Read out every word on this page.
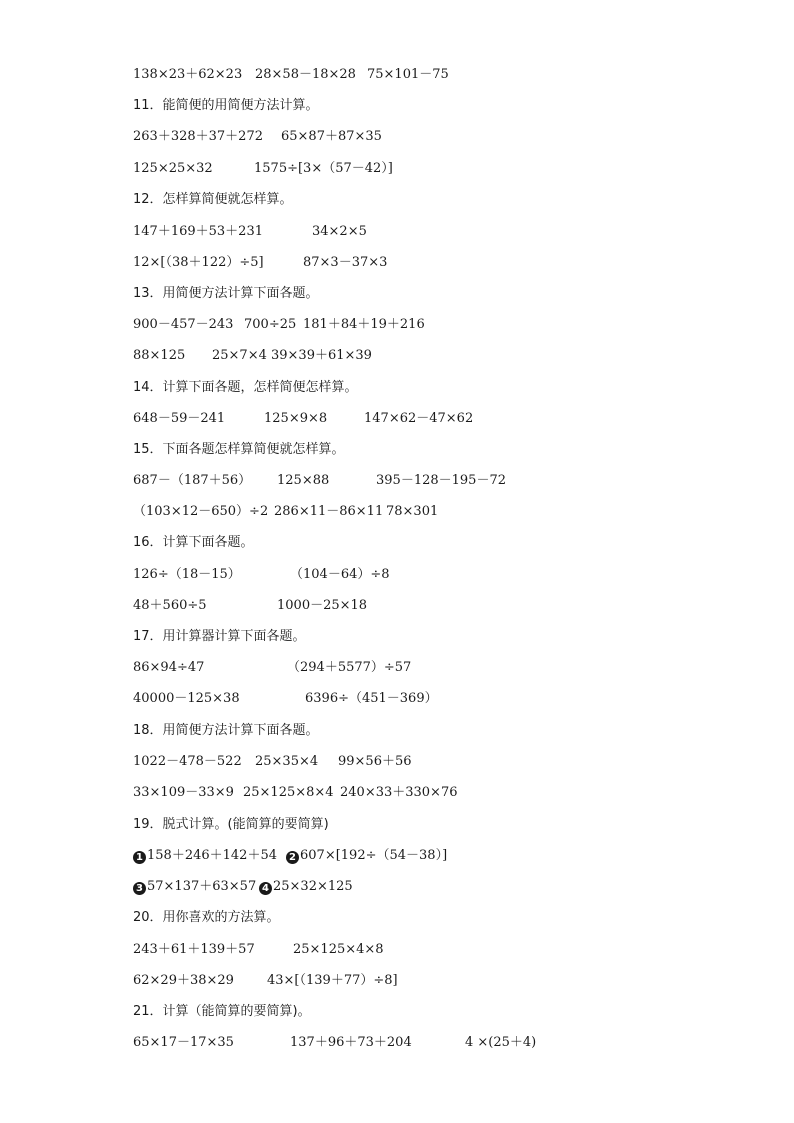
138×23＋62×23 28×58－18×28 75×101－75
11．能简便的用简便方法计算。
263＋328＋37＋272 65×87＋87×35
125×25×32	1575÷[3×（57－42）]
12．怎样算简便就怎样算。
147＋169＋53＋231	34×2×5
12×[（38＋122）÷5]	87×3－37×3
13．用简便方法计算下面各题。
900－457－243 700÷25 181＋84＋19＋216
88×125 25×7×4 39×39＋61×39
14．计算下面各题，怎样简便怎样算。
648－59－241	125×9×8	147×62－47×62
15．下面各题怎样算简便就怎样算。
687－（187＋56） 125×88	395－128－195－72
（103×12－650）÷2 286×11－86×11 78×301
16．计算下面各题。
126÷（18－15）	（104－64）÷8
48＋560÷5	1000－25×18
17．用计算器计算下面各题。
86×94÷47	（294＋5577）÷57
40000－125×38	6396÷（451－369）
18．用简便方法计算下面各题。
1022－478－522 25×35×4 99×56＋56
33×109－33×9 25×125×8×4 240×33＋330×76
19．脱式计算。(能简算的要简算)
1 158＋246＋142＋54	2 607×[192÷（54－38）]
3 57×137＋63×57 4 25×32×125
20．用你喜欢的方法算。
243＋61＋139＋57	25×125×4×8
62×29＋38×29	43×[（139＋77）÷8]
21．计算（能简算的要简算)。
65×17－17×35	137＋96＋73＋204	4 ×(25＋4)
